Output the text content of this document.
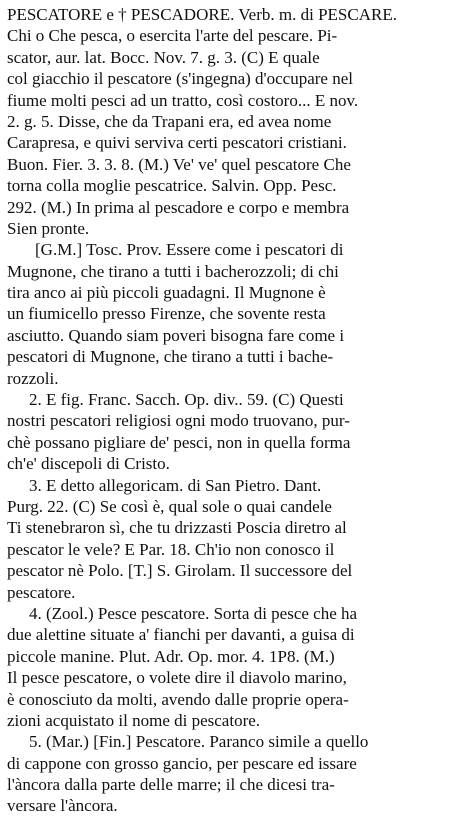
PESCATORE e † PESCADORE. Verb. m. di PESCARE.
Chi o Che pesca, o esercita l'arte del pescare. Pi-
scator, aur. lat. Bocc. Nov. 7. g. 3. (C) E quale
col giacchio il pescatore (s'ingegna) d'occupare nel
fiume molti pesci ad un tratto, così costoro... E nov.
2. g. 5. Disse, che da Trapani era, ed avea nome
Carapresa, e quivi serviva certi pescatori cristiani.
Buon. Fier. 3. 3. 8. (M.) Ve' ve' quel pescatore Che
torna colla moglie pescatrice. Salvin. Opp. Pesc.
292. (M.) In prima al pescadore e corpo e membra
Sien pronte.
[G.M.] Tosc. Prov. Essere come i pescatori di
Mugnone, che tirano a tutti i bacherozzoli; di chi
tira anco ai più piccoli guadagni. Il Mugnone è
un fiumicello presso Firenze, che sovente resta
asciutto. Quando siam poveri bisogna fare come i
pescatori di Mugnone, che tirano a tutti i bache-
rozzoli.
2. E fig. Franc. Sacch. Op. div.. 59. (C) Questi
nostri pescatori religiosi ogni modo truovano, pur-
chè possano pigliare de' pesci, non in quella forma
ch'e' discepoli di Cristo.
3. E detto allegoricam. di San Pietro. Dant.
Purg. 22. (C) Se così è, qual sole o quai candele
Ti stenebraron sì, che tu drizzasti Poscia diretro al
pescator le vele? E Par. 18. Ch'io non conosco il
pescator nè Polo. [T.] S. Girolam. Il successore del
pescatore.
4. (Zool.) Pesce pescatore. Sorta di pesce che ha
due alettine situate a' fianchi per davanti, a guisa di
piccole manine. Plut. Adr. Op. mor. 4. 1P8. (M.)
Il pesce pescatore, o volete dire il diavolo marino,
è conosciuto da molti, avendo dalle proprie opera-
zioni acquistato il nome di pescatore.
5. (Mar.) [Fin.] Pescatore. Paranco simile a quello
di capponе con grosso gancio, per pescare ed issare
l'àncora dalla parte delle marre; il che dicesi tra-
versare l'àncora.
